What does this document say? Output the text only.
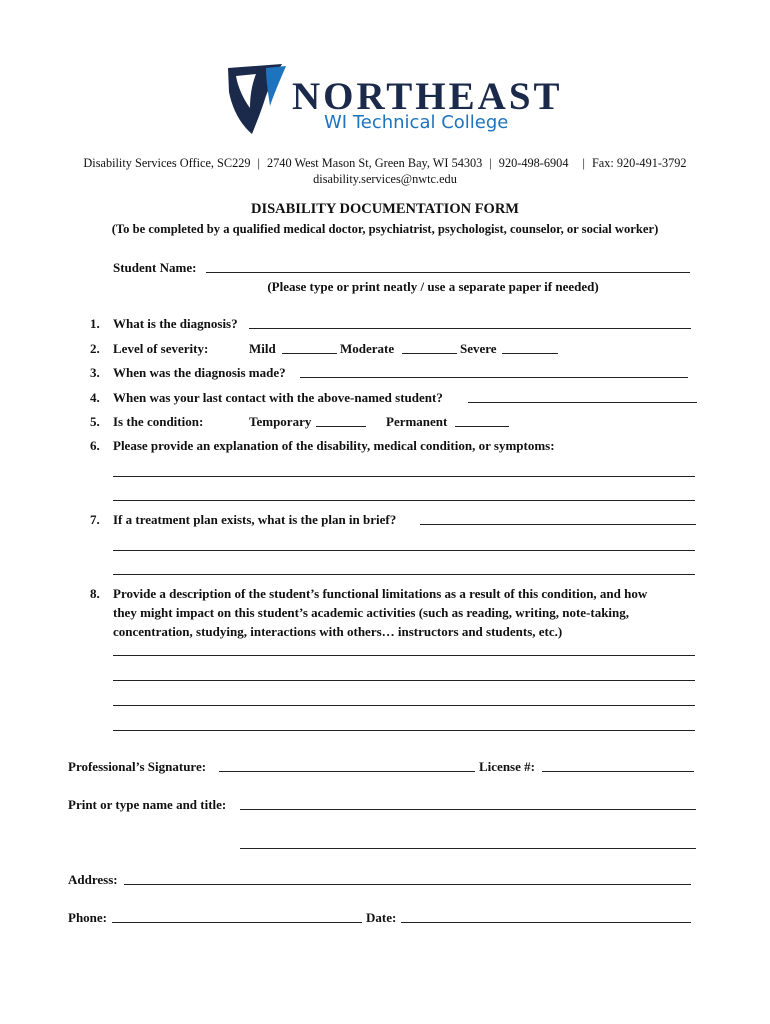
NORTHEAST
WI Technical College
Disability Services Office, SC229 | 2740 West Mason St, Green Bay, WI 54303 | 920-498-6904 | Fax: 920-491-3792
disability.services@nwtc.edu
DISABILITY DOCUMENTATION FORM
(To be completed by a qualified medical doctor, psychiatrist, psychologist, counselor, or social worker)
Student Name:
(Please type or print neatly / use a separate paper if needed)
1. What is the diagnosis?
2. Level of severity:	Mild	Moderate	Severe
3. When was the diagnosis made?
4. When was your last contact with the above-named student?
5. Is the condition:	Temporary	Permanent
6. Please provide an explanation of the disability, medical condition, or symptoms:
7. If a treatment plan exists, what is the plan in brief?
8. Provide a description of the student’s functional limitations as a result of this condition, and how
they might impact on this student’s academic activities (such as reading, writing, note-taking,
concentration, studying, interactions with others… instructors and students, etc.)
Professional’s Signature:	License #:
Print or type name and title:
Address:
Phone:	Date:
